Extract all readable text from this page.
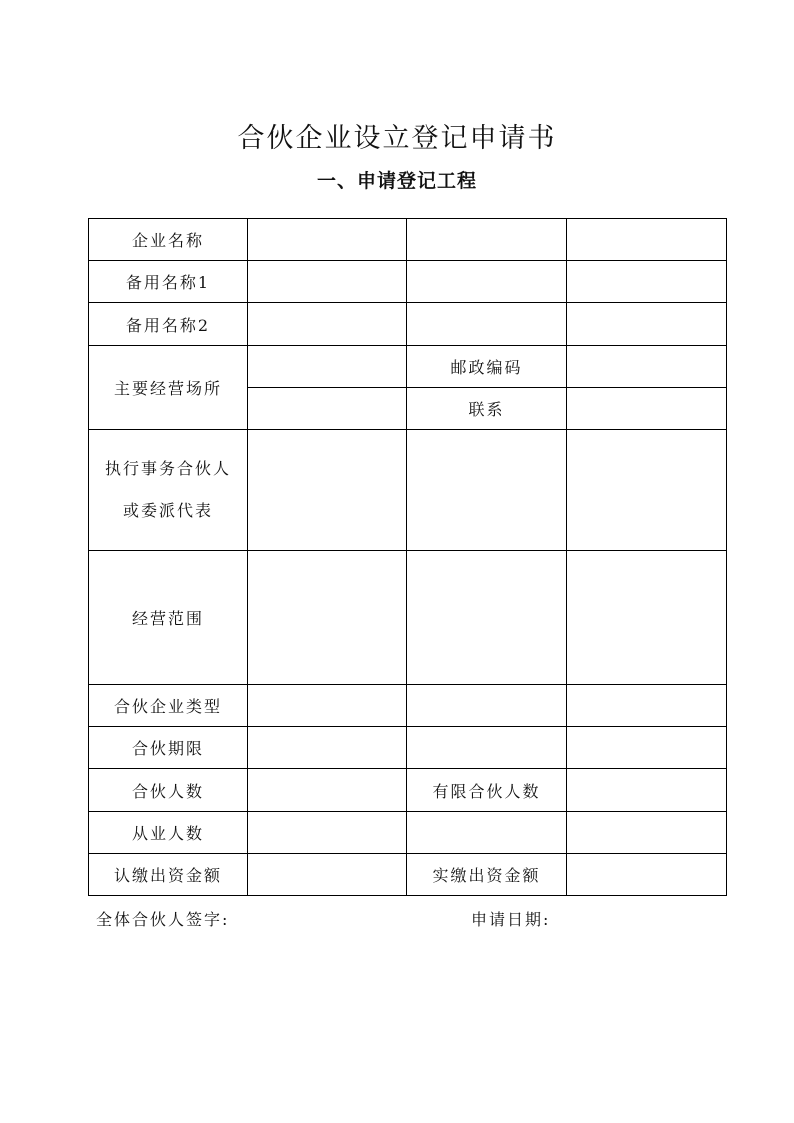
合伙企业设立登记申请书
一、申请登记工程
企业名称			
备用名称1			
备用名称2			
主要经营场所		邮政编码	
		联系	

执行事务合伙人
或委派代表			

经营范围			
合伙企业类型			
合伙期限			
合伙人数		有限合伙人数	
从业人数			
认缴出资金额		实缴出资金额	
全体合伙人签字:	申请日期:
